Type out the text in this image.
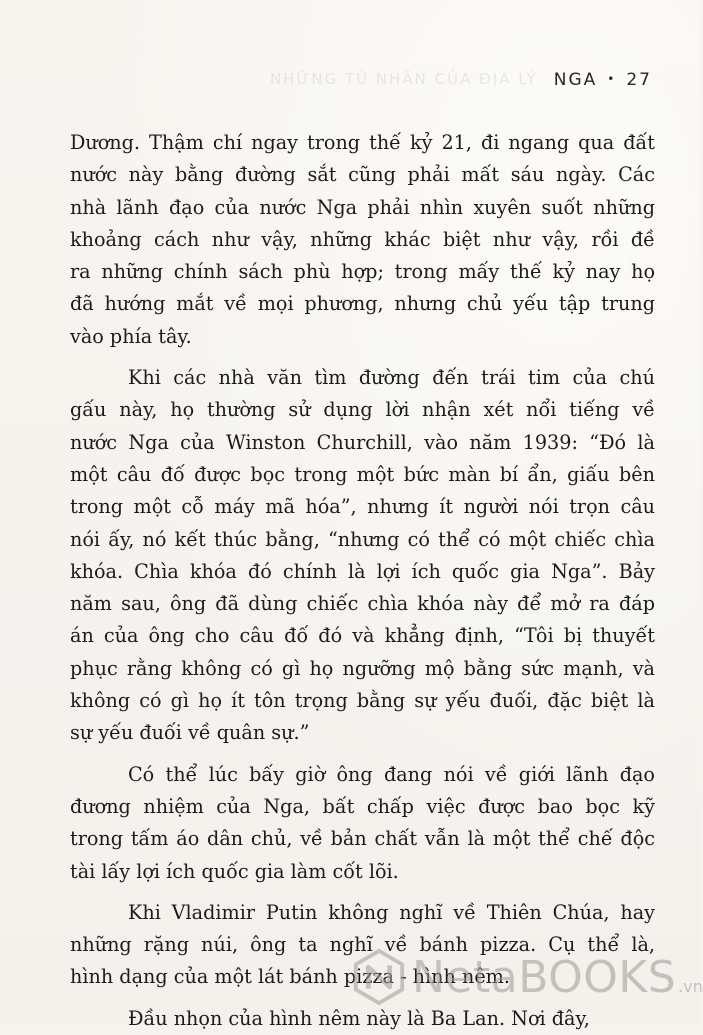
NHỮNG TÙ NHÂN CỦA ĐỊA LÝ NGA • 27
Dương. Thậm chí ngay trong thế kỷ 21, đi ngang qua đất
nước này bằng đường sắt cũng phải mất sáu ngày. Các
nhà lãnh đạo của nước Nga phải nhìn xuyên suốt những
khoảng cách như vậy, những khác biệt như vậy, rồi đề
ra những chính sách phù hợp; trong mấy thế kỷ nay họ
đã hướng mắt về mọi phương, nhưng chủ yếu tập trung
vào phía tây.
Khi các nhà văn tìm đường đến trái tim của chú
gấu này, họ thường sử dụng lời nhận xét nổi tiếng về
nước Nga của Winston Churchill, vào năm 1939: “Đó là
một câu đố được bọc trong một bức màn bí ẩn, giấu bên
trong một cỗ máy mã hóa”, nhưng ít người nói trọn câu
nói ấy, nó kết thúc bằng, “nhưng có thể có một chiếc chìa
khóa. Chìa khóa đó chính là lợi ích quốc gia Nga”. Bảy
năm sau, ông đã dùng chiếc chìa khóa này để mở ra đáp
án của ông cho câu đố đó và khẳng định, “Tôi bị thuyết
phục rằng không có gì họ ngưỡng mộ bằng sức mạnh, và
không có gì họ ít tôn trọng bằng sự yếu đuối, đặc biệt là
sự yếu đuối về quân sự.”
Có thể lúc bấy giờ ông đang nói về giới lãnh đạo
đương nhiệm của Nga, bất chấp việc được bao bọc kỹ
trong tấm áo dân chủ, về bản chất vẫn là một thể chế độc
tài lấy lợi ích quốc gia làm cốt lõi.
Khi Vladimir Putin không nghĩ về Thiên Chúa, hay
những rặng núi, ông ta nghĩ về bánh pizza. Cụ thể là,
hình dạng của một lát bánh pizza - hình nêm.
Đầu nhọn của hình nêm này là Ba Lan. Nơi đây,
NetaBOOKS .vn
